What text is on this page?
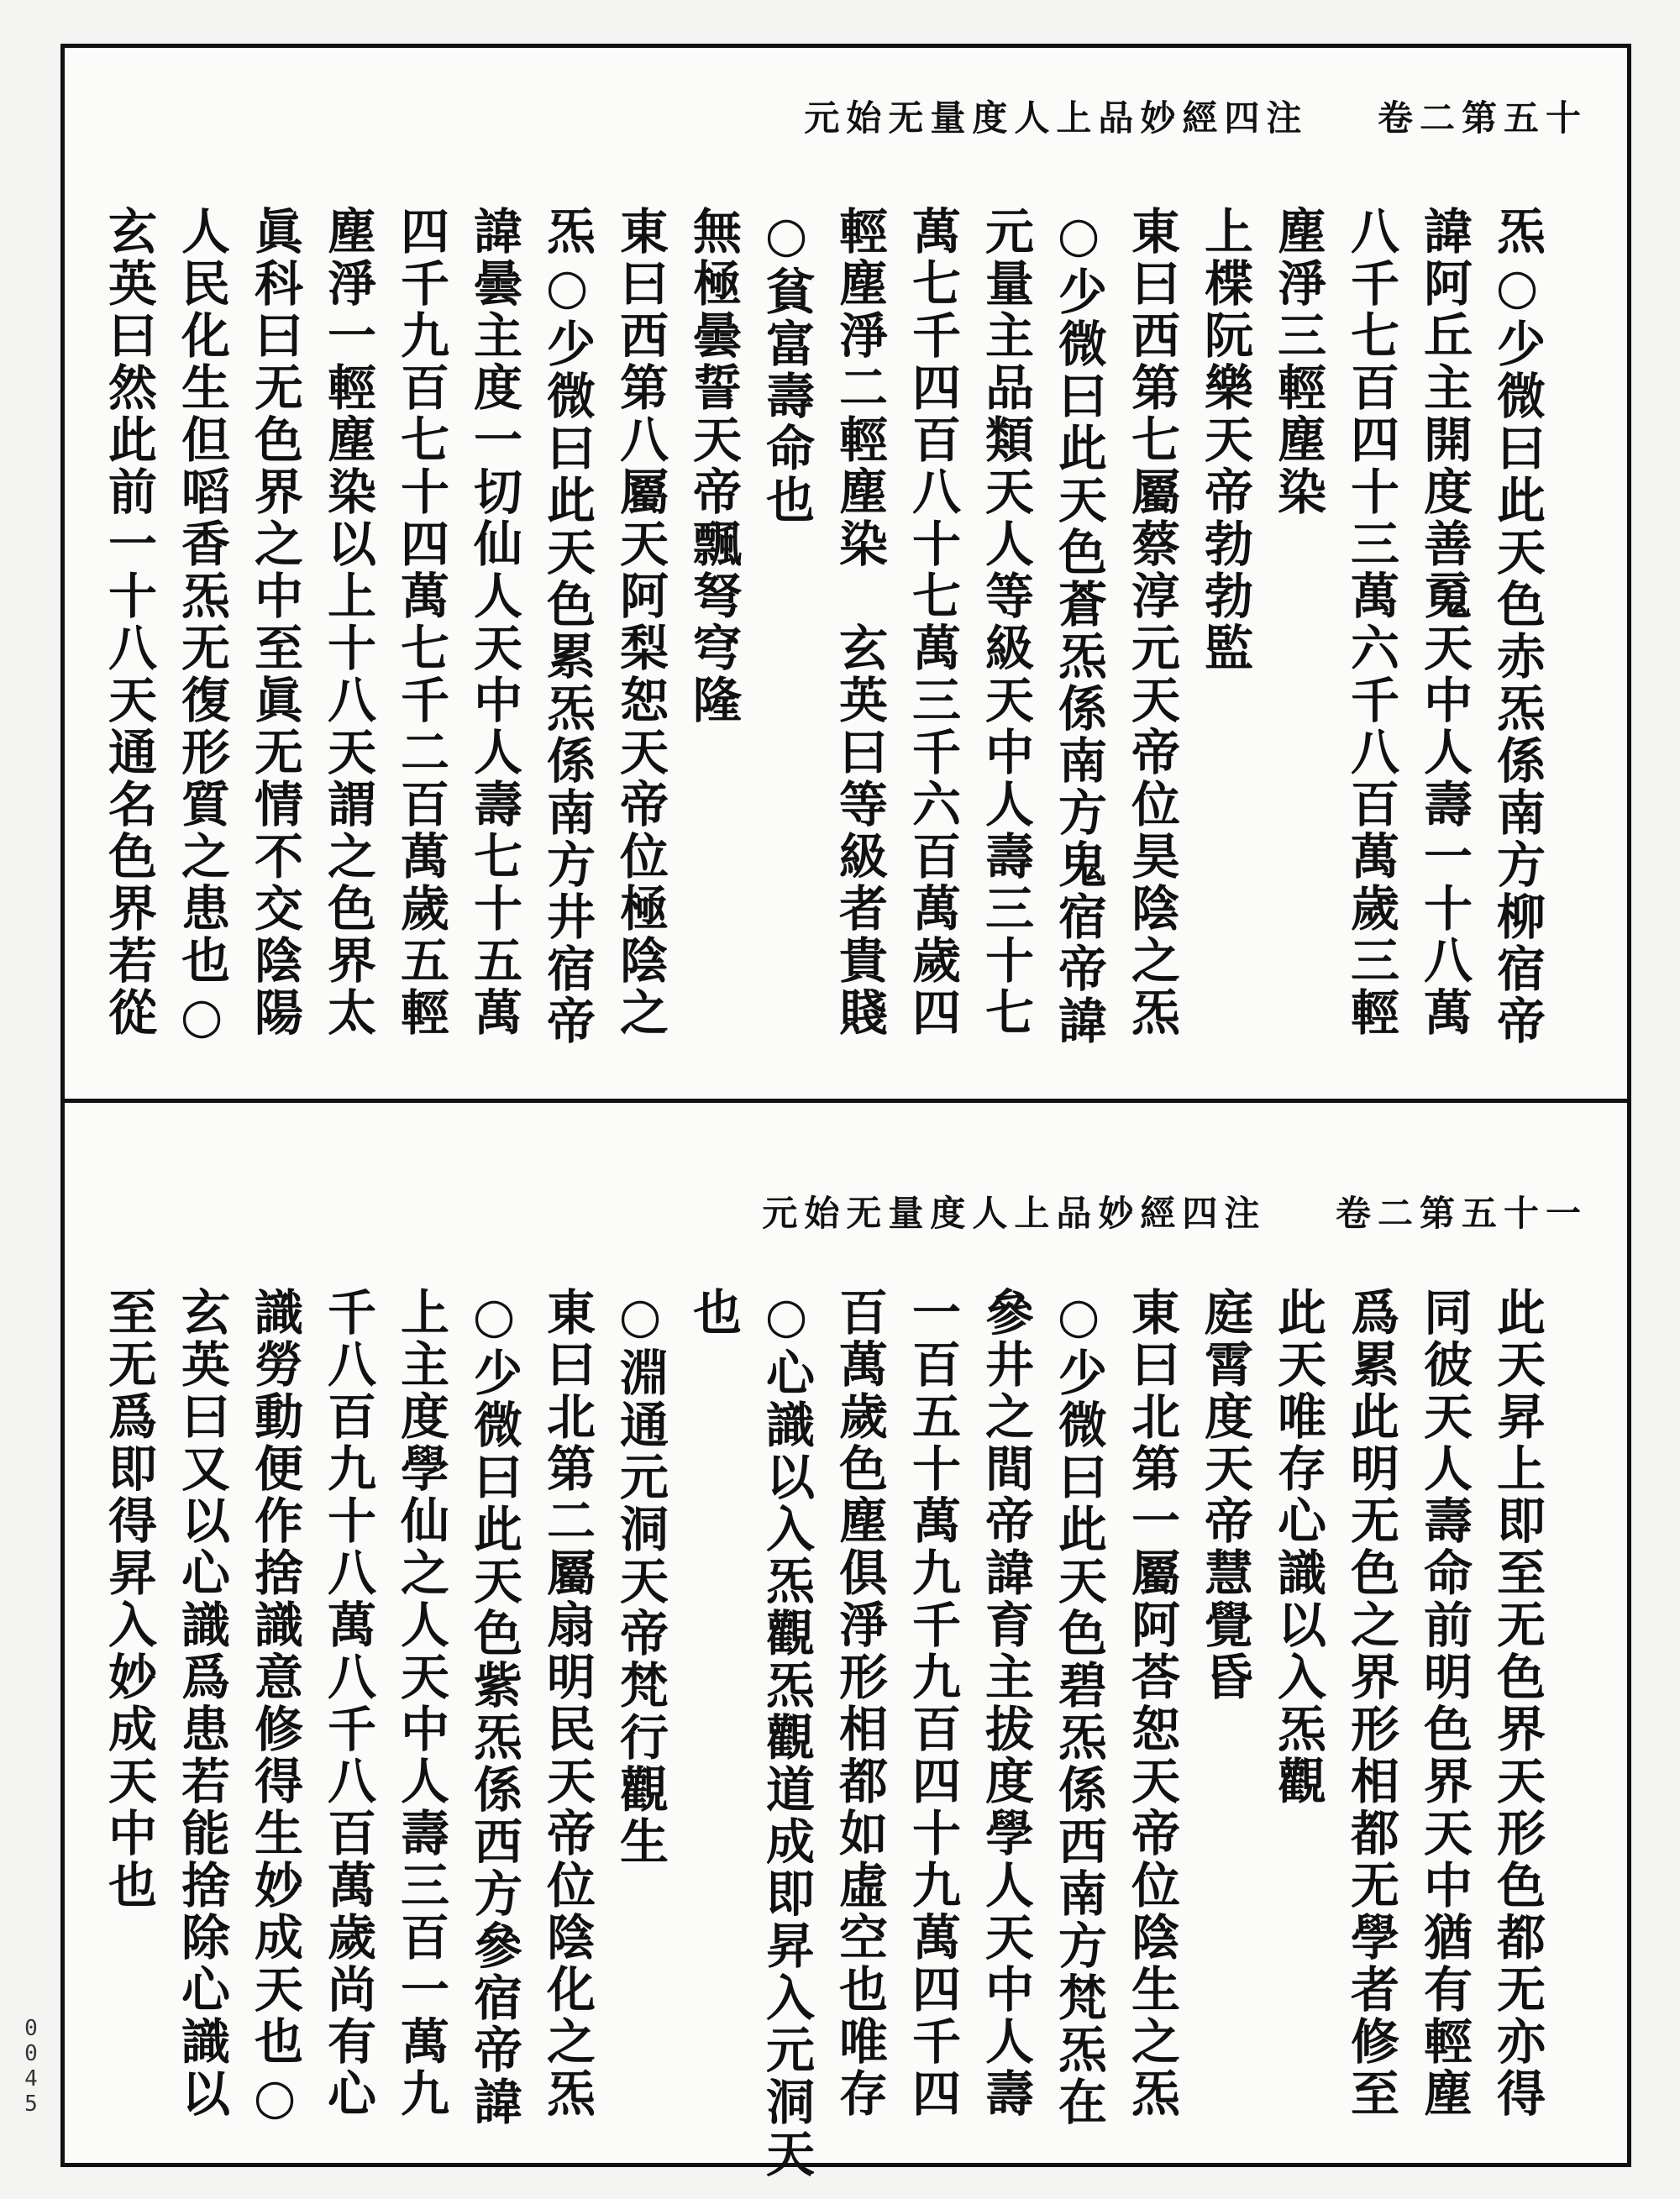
0045
元始无量度人上品妙經四注 卷二第五十
炁○少微曰此天色赤炁係南方柳宿帝
諱阿丘主開度善䰟天中人壽一十八萬
八千七百四十三萬六千八百萬歲三輕
塵淨三輕塵染
上楪阮樂天帝勃勃監
東曰西第七屬蔡淳元天帝位昊陰之炁
○少微曰此天色蒼炁係南方鬼宿帝諱
元量主品類天人等級天中人壽三十七
萬七千四百八十七萬三千六百萬歲四
輕塵淨二輕塵染　玄英曰等級者貴賤
○貧富壽命也
無極曇誓天帝飄弩穹隆
東曰西第八屬天阿梨恕天帝位極陰之
炁○少微曰此天色累炁係南方井宿帝
諱曇主度一切仙人天中人壽七十五萬
四千九百七十四萬七千二百萬歲五輕
塵淨一輕塵染以上十八天謂之色界太
眞科曰无色界之中至眞无情不交陰陽
人民化生但㗖香炁无復形質之患也○
玄英曰然此前一十八天通名色界若從
元始无量度人上品妙經四注 卷二第五十一
此天昇上即至无色界天形色都无亦得
同彼天人壽命前明色界天中猶有輕塵
爲累此明无色之界形相都无學者修至
此天唯存心識以入炁觀
庭霄度天帝慧覺昏
東曰北第一屬阿荅恕天帝位陰生之炁
○少微曰此天色碧炁係西南方梵炁在
參井之間帝諱育主拔度學人天中人壽
一百五十萬九千九百四十九萬四千四
百萬歲色塵俱淨形相都如虛空也唯存
○心識以入炁觀炁觀道成即昇入元洞天
也
○淵通元洞天帝梵行觀生
東曰北第二屬扇明民天帝位陰化之炁
○少微曰此天色紫炁係西方參宿帝諱
上主度學仙之人天中人壽三百一萬九
千八百九十八萬八千八百萬歲尚有心
識勞動便作捨識意修得生妙成天也○
玄英曰又以心識爲患若能捨除心識以
至无爲即得昇入妙成天中也
